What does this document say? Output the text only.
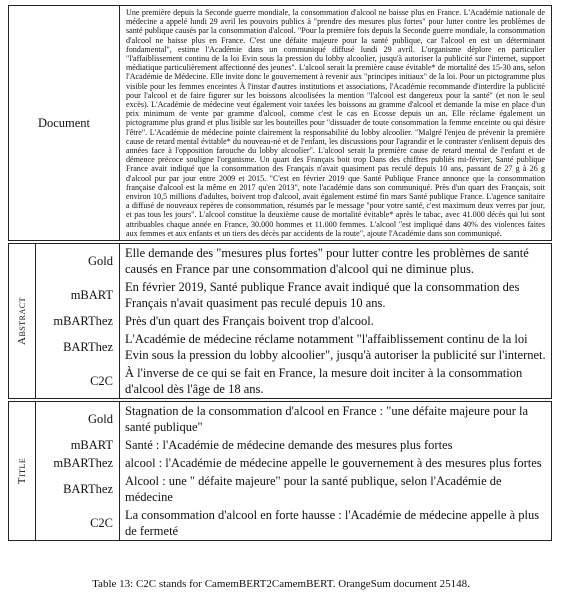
Document
Une première depuis la Seconde guerre mondiale, la consommation d'alcool ne baisse plus en France. L'Académie nationale de médecine a appelé lundi 29 avril les pouvoirs publics à "prendre des mesures plus fortes" pour lutter contre les problèmes de santé publique causés par la consommation d'alcool. "Pour la première fois depuis la Seconde guerre mondiale, la consommation d'alcool ne baisse plus en France. C'est une défaite majeure pour la santé publique, car l'alcool en est un déterminant fondamental", estime l'Académie dans un communiqué diffusé lundi 29 avril. L'organisme déplore en particulier "l'affaiblissement continu de la loi Evin sous la pression du lobby alcoolier, jusqu'à autoriser la publicité sur l'internet, support médiatique particulièrement affectionné des jeunes". L'alcool serait la première cause évitable* de mortalité des 15-30 ans, selon l'Académie de Médecine. Elle invite donc le gouvernement à revenir aux "principes initiaux" de la loi. Pour un pictogramme plus visible pour les femmes enceintes À l'instar d'autres institutions et associations, l'Académie recommande d'interdire la publicité pour l'alcool et de faire figurer sur les boissons alcoolisées la mention "l'alcool est dangereux pour la santé" (et non le seul excès). L'Académie de médecine veut également voir taxées les boissons au gramme d'alcool et demande la mise en place d'un prix minimum de vente par gramme d'alcool, comme c'est le cas en Ecosse depuis un an. Elle réclame également un pictogramme plus grand et plus lisible sur les bouteilles pour "dissuader de toute consommation la femme enceinte ou qui désire l'être". L'Académie de médecine pointe clairement la responsabilité du lobby alcoolier. "Malgré l'enjeu de prévenir la première cause de retard mental évitable* du nouveau-né et de l'enfant, les discussions pour l'agrandir et le contraster s'enlisent depuis des années face à l'opposition farouche du lobby alcoolier". L'alcool serait la première cause de retard mental de l'enfant et de démence précoce souligne l'organisme. Un quart des Français boit trop Dans des chiffres publiés mi-février, Santé publique France avait indiqué que la consommation des Français n'avait quasiment pas reculé depuis 10 ans, passant de 27 g à 26 g d'alcool pur par jour entre 2009 et 2015. "C'est en février 2019 que Santé Publique France annonce que la consommation française d'alcool est la même en 2017 qu'en 2013", note l'académie dans son communiqué. Près d'un quart des Français, soit environ 10,5 millions d'adultes, boivent trop d'alcool, avait également estimé fin mars Santé publique France. L'agence sanitaire a diffusé de nouveaux repères de consommation, résumés par le message "pour votre santé, c'est maximum deux verres par jour, et pas tous les jours". L'alcool constitue la deuxième cause de mortalité évitable* après le tabac, avec 41.000 décès qui lui sont attribuables chaque année en France, 30.000 hommes et 11.000 femmes. L'alcool "est impliqué dans 40% des violences faites aux femmes et aux enfants et un tiers des décès par accidents de la route", ajoute l'Académie dans son communiqué.
Abstract
Gold
Elle demande des "mesures plus fortes" pour lutter contre les problèmes de santé causés en France par une consommation d'alcool qui ne diminue plus.
mBART
En février 2019, Santé publique France avait indiqué que la consommation des Français n'avait quasiment pas reculé depuis 10 ans.
mBARThez Près d'un quart des Français boivent trop d'alcool.
BARThez
L'Académie de médecine réclame notamment "l'affaiblissement continu de la loi Evin sous la pression du lobby alcoolier", jusqu'à autoriser la publicité sur l'internet.
C2C
À l'inverse de ce qui se fait en France, la mesure doit inciter à la consommation d'alcool dès l'âge de 18 ans.
Title
Gold
Stagnation de la consommation d'alcool en France : "une défaite majeure pour la santé publique"
mBART Santé : l'Académie de médecine demande des mesures plus fortes
mBARThez alcool : l'Académie de médecine appelle le gouvernement à des mesures plus fortes
BARThez
Alcool : une " défaite majeure" pour la santé publique, selon l'Académie de médecine
C2C
La consommation d'alcool en forte hausse : l'Académie de médecine appelle à plus de fermeté
Table 13: C2C stands for CamemBERT2CamemBERT. OrangeSum document 25148.
